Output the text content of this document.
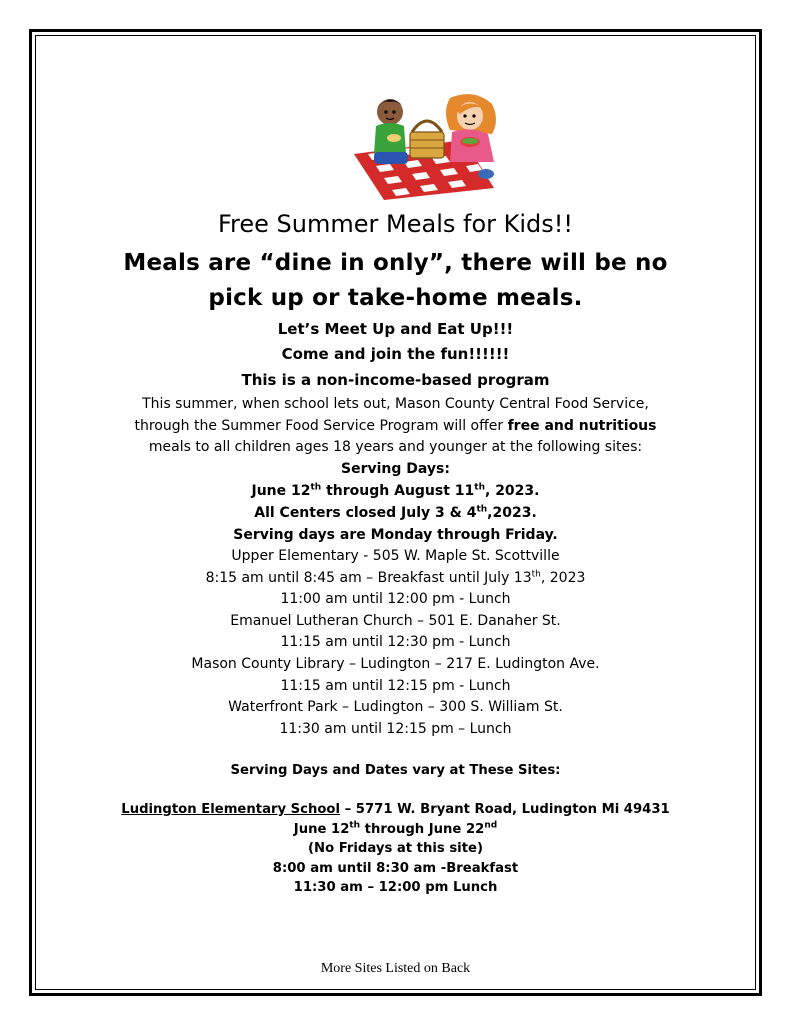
Free Summer Meals for Kids!!
Meals are “dine in only”, there will be no
pick up or take-home meals.
Let’s Meet Up and Eat Up!!!
Come and join the fun!!!!!!
This is a non-income-based program
This summer, when school lets out, Mason County Central Food Service,
through the Summer Food Service Program will offer free and nutritious
meals to all children ages 18 years and younger at the following sites:
Serving Days:
June 12th through August 11th, 2023.
All Centers closed July 3 & 4th,2023.
Serving days are Monday through Friday.
Upper Elementary - 505 W. Maple St. Scottville
8:15 am until 8:45 am – Breakfast until July 13th, 2023
11:00 am until 12:00 pm - Lunch
Emanuel Lutheran Church – 501 E. Danaher St.
11:15 am until 12:30 pm - Lunch
Mason County Library – Ludington – 217 E. Ludington Ave.
11:15 am until 12:15 pm - Lunch
Waterfront Park – Ludington – 300 S. William St.
11:30 am until 12:15 pm – Lunch
Serving Days and Dates vary at These Sites:
Ludington Elementary School – 5771 W. Bryant Road, Ludington Mi 49431
June 12th through June 22nd
(No Fridays at this site)
8:00 am until 8:30 am -Breakfast
11:30 am – 12:00 pm Lunch
More Sites Listed on Back
